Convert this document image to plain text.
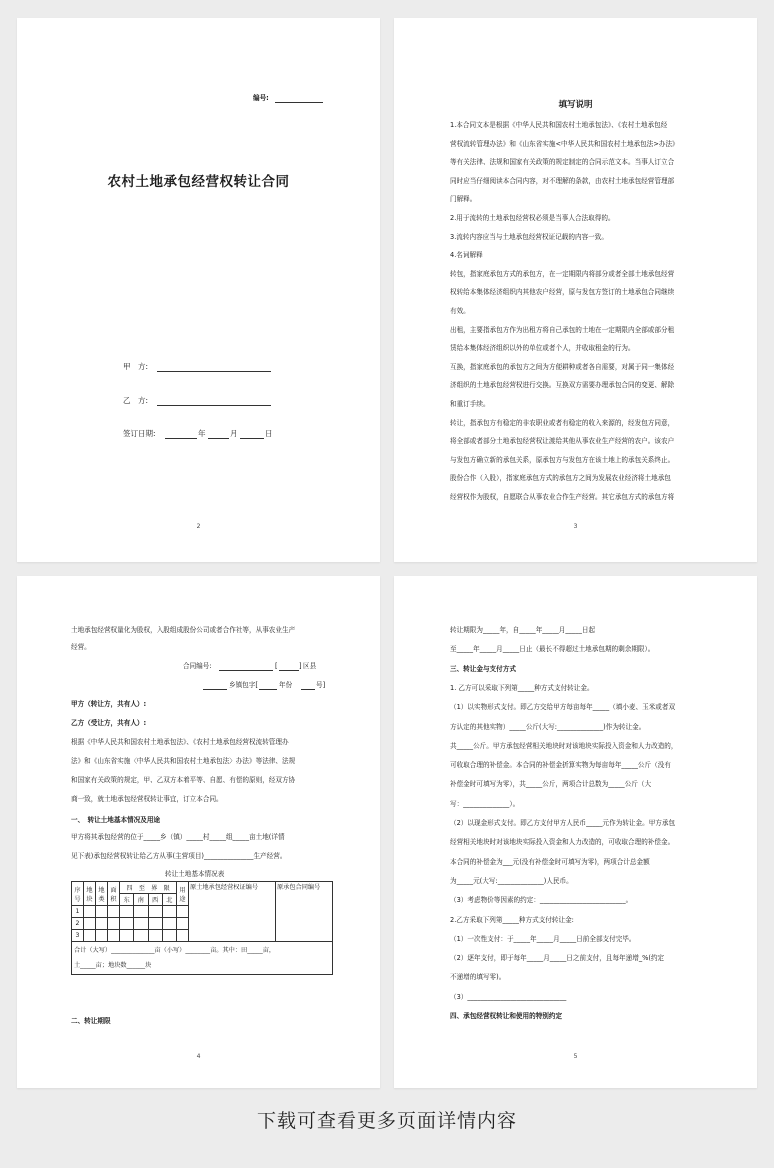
编号:
农村土地承包经营权转让合同
甲　方:
乙　方:
签订日期:	年	月	日
2
填写说明
1.本合同文本是根据《中华人民共和国农村土地承包法》、《农村土地承包经
营权流转管理办法》和《山东省实施<中华人民共和国农村土地承包法>办法》
等有关法律、法规和国家有关政策的规定制定的合同示范文本。当事人订立合
同时应当仔细阅读本合同内容，对不理解的条款，由农村土地承包经营管理部
门解释。
2.用于流转的土地承包经营权必须是当事人合法取得的。
3.流转内容应当与土地承包经营权证记载的内容一致。
4.名词解释
转包，指家庭承包方式的承包方，在一定期限内将部分或者全部土地承包经营
权转给本集体经济组织内其他农户经营，原与发包方签订的土地承包合同继续
有效。
出租，主要指承包方作为出租方将自己承包的土地在一定期限内全部或部分租
赁给本集体经济组织以外的单位或者个人，并收取租金的行为。
互换，指家庭承包的承包方之间为方便耕种或者各自需要，对属于同一集体经
济组织的土地承包经营权进行交换。互换双方需要办理承包合同的变更、解除
和重订手续。
转让，指承包方有稳定的非农职业或者有稳定的收入来源的，经发包方同意，
将全部或者部分土地承包经营权让渡给其他从事农业生产经营的农户。该农户
与发包方确立新的承包关系，原承包方与发包方在该土地上的承包关系终止。
股份合作（入股），指家庭承包方式的承包方之间为发展农业经济将土地承包
经营权作为股权，自愿联合从事农业合作生产经营。其它承包方式的承包方将
3
土地承包经营权量化为股权，入股组成股份公司或者合作社等，从事农业生产
经营。
合同编号:	[	] 区县
乡镇包字[	年份	号]
甲方（转让方，共有人）:
乙方（受让方，共有人）:
根据《中华人民共和国农村土地承包法》、《农村土地承包经营权流转管理办
法》和《山东省实施〈中华人民共和国农村土地承包法〉办法》等法律、法规
和国家有关政策的规定，甲、乙双方本着平等、自愿、有偿的原则，经双方协
商一致，就土地承包经营权转让事宜，订立本合同。
一、　转让土地基本情况及用途
甲方将其承包经营的位于_____乡（镇）_____村_____组_____亩土地(详情
见下表)承包经营权转让给乙方从事(主营项目)_______________生产经营。
转让土地基本情况表
序号	地块	地类	面积	四　至　界　限				用途	原土地承包经营权证编号	原承包合同编号
				东	南	西	北			
1										
2										
3										
合计（大写）______________亩（小写）________亩。其中：田_____亩，
土_____亩；地块数______块										
二、转让期限
4
转让期限为_____年，自_____年_____月_____日起
至_____年_____月_____日止（最长不得超过土地承包期的剩余期限）。
三、转让金与支付方式
1. 乙方可以采取下列第_____种方式支付转让金。
（1）以实物形式支付。即乙方交给甲方每亩每年_____（填小麦、玉米或者双
方认定的其他实物）_____公斤(大写:______________)作为转让金。
共_____公斤。甲方承包经营相关地块时对该地块实际投入资金和人力改造的，
可收取合理的补偿金。本合同的补偿金折算实物为每亩每年_____公斤（没有
补偿金时可填写为零），共_____公斤，两项合计总数为_____公斤（大
写：______________）。
（2）以现金形式支付。即乙方支付甲方人民币_____元作为转让金。甲方承包
经营相关地块时对该地块实际投入资金和人力改造的，可收取合理的补偿金。
本合同的补偿金为___元(没有补偿金时可填写为零)，两项合计总金额
为_____元(大写:______________)人民币。
（3）考虑物价等因素的约定：__________________________。
2.乙方采取下列第_____种方式支付转让金:
（1）一次性支付：于_____年_____月_____日前全部支付完毕。
（2）逐年支付，即于每年_____月_____日之前支付，且每年递增_%(约定
不递增的填写零)。
（3）______________________________
四、承包经营权转让和使用的特别约定
5
下载可查看更多页面详情内容
